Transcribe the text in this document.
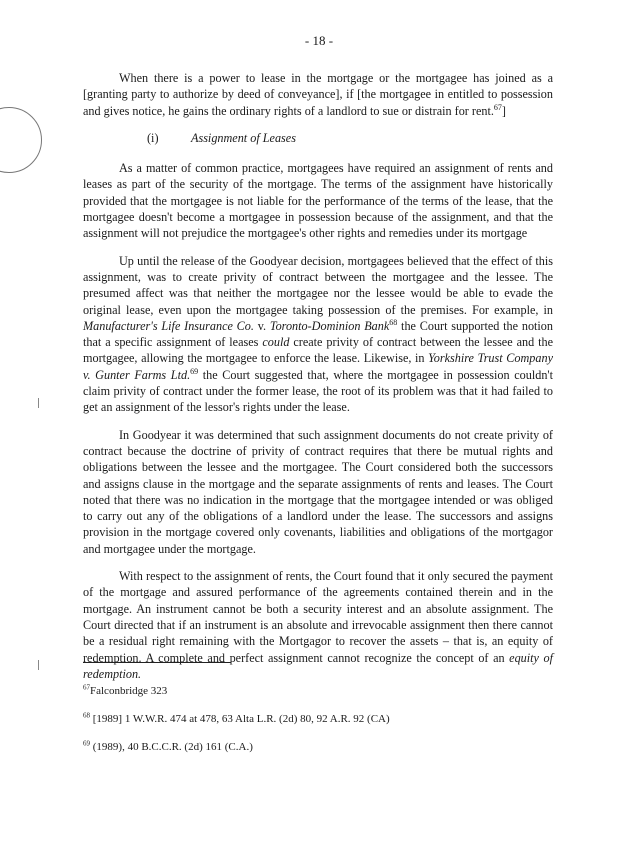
- 18 -

When there is a power to lease in the mortgage or the mortgagee has joined as a [granting party to authorize by deed of conveyance], if [the mortgagee in entitled to possession and gives notice, he gains the ordinary rights of a landlord to sue or distrain for rent.$^{67}$]

(i)	Assignment of Leases

As a matter of common practice, mortgagees have required an assignment of rents and leases as part of the security of the mortgage. The terms of the assignment have historically provided that the mortgagee is not liable for the performance of the terms of the lease, that the mortgagee doesn't become a mortgagee in possession because of the assignment, and that the assignment will not prejudice the mortgagee's other rights and remedies under its mortgage

Up until the release of the Goodyear decision, mortgagees believed that the effect of this assignment, was to create privity of contract between the mortgagee and the lessee. The presumed affect was that neither the mortgagee nor the lessee would be able to evade the original lease, even upon the mortgagee taking possession of the premises. For example, in Manufacturer's Life Insurance Co. v. Toronto-Dominion Bank$^{68}$ the Court supported the notion that a specific assignment of leases could create privity of contract between the lessee and the mortgagee, allowing the mortgagee to enforce the lease. Likewise, in Yorkshire Trust Company v. Gunter Farms Ltd.$^{69}$ the Court suggested that, where the mortgagee in possession couldn't claim privity of contract under the former lease, the root of its problem was that it had failed to get an assignment of the lessor's rights under the lease.

In Goodyear it was determined that such assignment documents do not create privity of contract because the doctrine of privity of contract requires that there be mutual rights and obligations between the lessee and the mortgagee. The Court considered both the successors and assigns clause in the mortgage and the separate assignments of rents and leases. The Court noted that there was no indication in the mortgage that the mortgagee intended or was obliged to carry out any of the obligations of a landlord under the lease. The successors and assigns provision in the mortgage covered only covenants, liabilities and obligations of the mortgagor and mortgagee under the mortgage.

With respect to the assignment of rents, the Court found that it only secured the payment of the mortgage and assured performance of the agreements contained therein and in the mortgage. An instrument cannot be both a security interest and an absolute assignment. The Court directed that if an instrument is an absolute and irrevocable assignment then there cannot be a residual right remaining with the Mortgagor to recover the assets – that is, an equity of redemption. A complete and perfect assignment cannot recognize the concept of an equity of redemption.

$^{67}$Falconbridge 323
$^{68}$ [1989] 1 W.W.R. 474 at 478, 63 Alta L.R. (2d) 80, 92 A.R. 92 (CA)
$^{69}$ (1989), 40 B.C.C.R. (2d) 161 (C.A.)
